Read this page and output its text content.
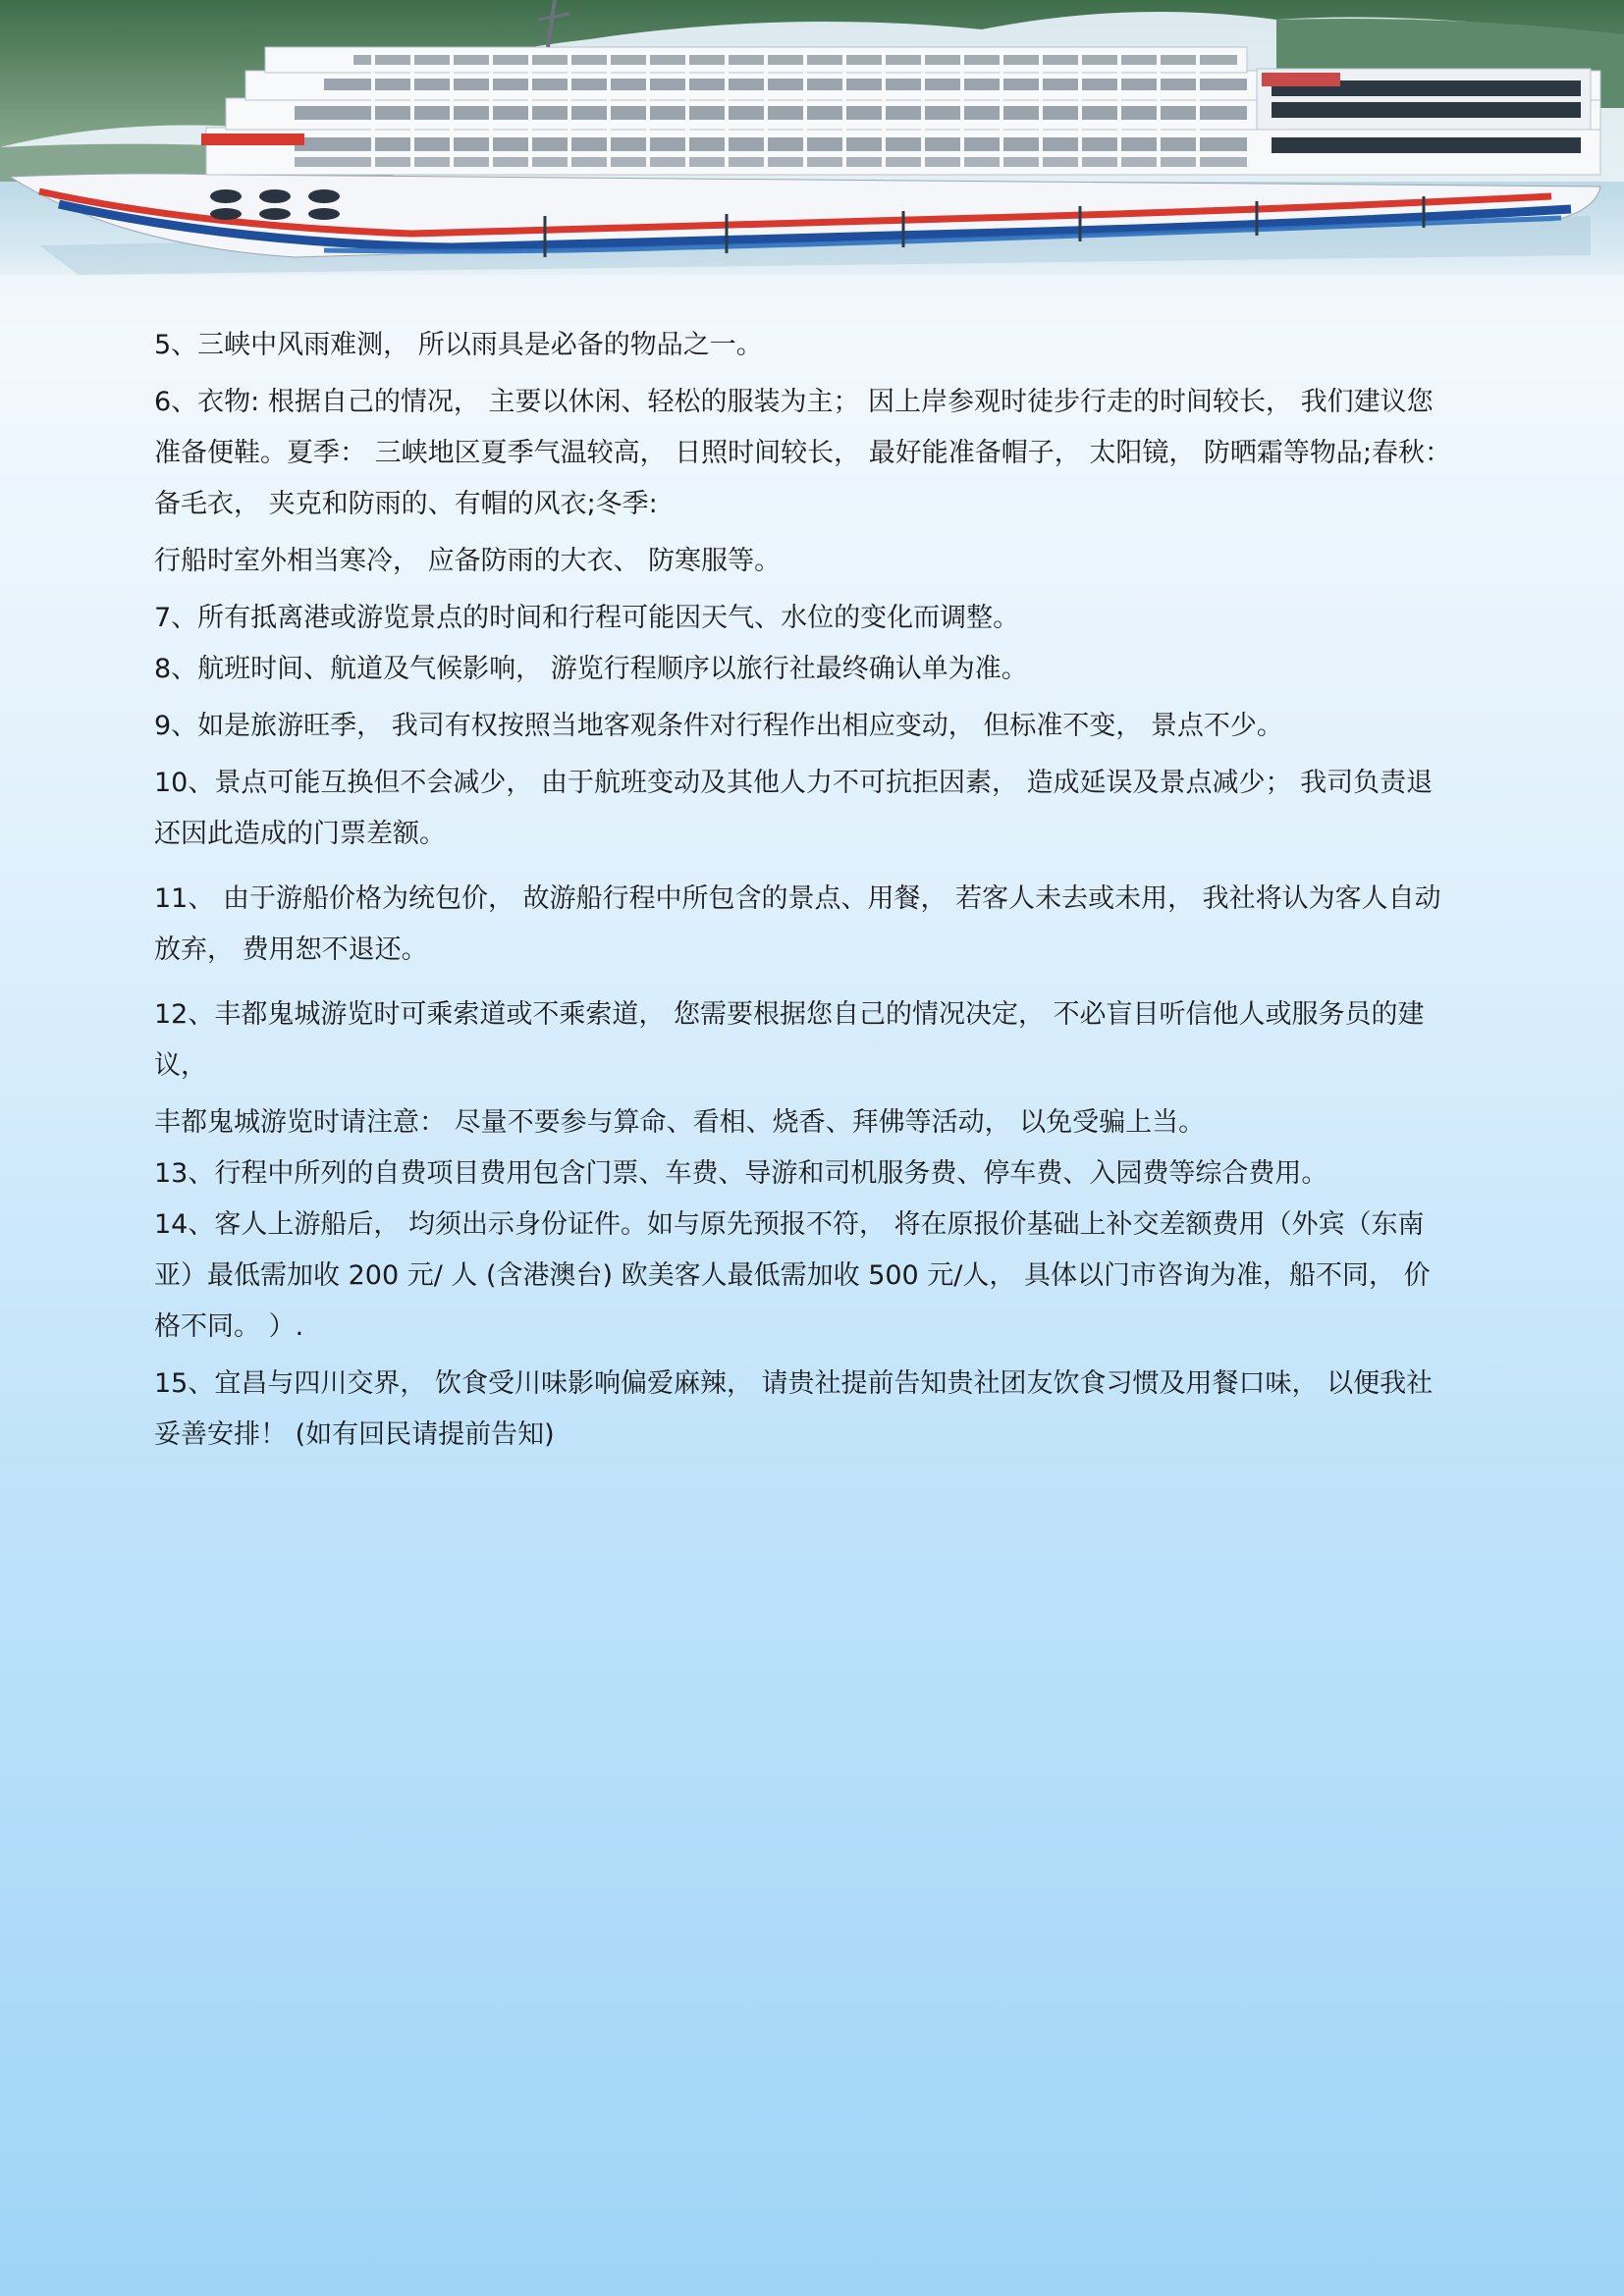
5、三峡中风雨难测， 所以雨具是必备的物品之一。

6、衣物: 根据自己的情况， 主要以休闲、轻松的服装为主； 因上岸参观时徒步行走的时间较长， 我们建议您准备便鞋。夏季： 三峡地区夏季气温较高， 日照时间较长， 最好能准备帽子， 太阳镜， 防晒霜等物品;春秋： 备毛衣， 夹克和防雨的、有帽的风衣;冬季:

行船时室外相当寒冷， 应备防雨的大衣、 防寒服等。

7、所有抵离港或游览景点的时间和行程可能因天气、水位的变化而调整。

8、航班时间、航道及气候影响， 游览行程顺序以旅行社最终确认单为准。

9、如是旅游旺季， 我司有权按照当地客观条件对行程作出相应变动， 但标准不变， 景点不少。

10、景点可能互换但不会减少， 由于航班变动及其他人力不可抗拒因素， 造成延误及景点减少； 我司负责退还因此造成的门票差额。

11、 由于游船价格为统包价， 故游船行程中所包含的景点、用餐， 若客人未去或未用， 我社将认为客人自动放弃， 费用恕不退还。

12、丰都鬼城游览时可乘索道或不乘索道， 您需要根据您自己的情况决定， 不必盲目听信他人或服务员的建议，

丰都鬼城游览时请注意： 尽量不要参与算命、看相、烧香、拜佛等活动， 以免受骗上当。

13、行程中所列的自费项目费用包含门票、车费、导游和司机服务费、停车费、入园费等综合费用。

14、客人上游船后， 均须出示身份证件。如与原先预报不符， 将在原报价基础上补交差额费用（外宾（东南亚）最低需加收 200 元/ 人 (含港澳台) 欧美客人最低需加收 500 元/人， 具体以门市咨询为准，船不同， 价格不同。 ）.

15、宜昌与四川交界， 饮食受川味影响偏爱麻辣， 请贵社提前告知贵社团友饮食习惯及用餐口味， 以便我社妥善安排！ (如有回民请提前告知)
